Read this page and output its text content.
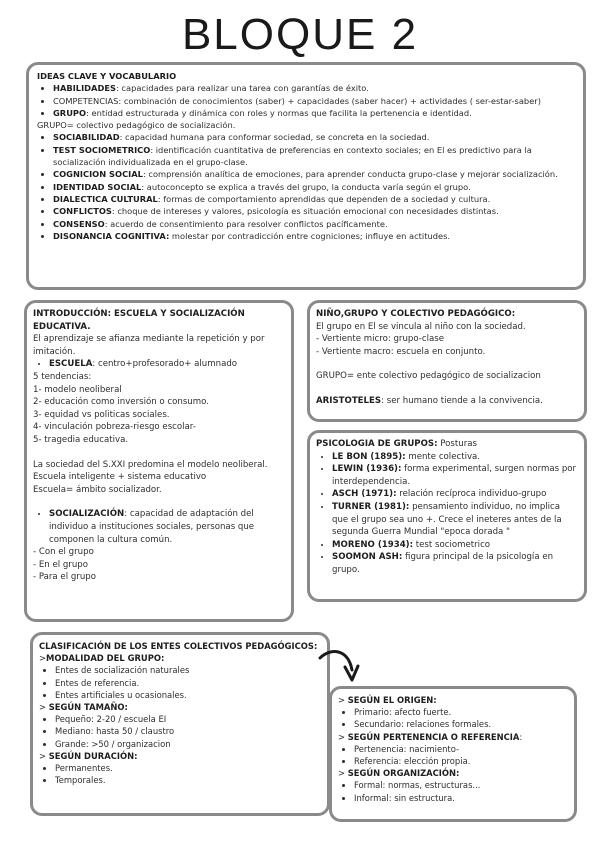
BLOQUE 2

IDEAS CLAVE Y VOCABULARIO

• HABILIDADES: capacidades para realizar una tarea con garantías de éxito.
• COMPETENCIAS: combinación de conocimientos (saber) + capacidades (saber hacer) + actividades ( ser-estar-saber)
• GRUPO: entidad estructurada y dinámica con roles y normas que facilita la pertenencia e identidad.

GRUPO= colectivo pedagógico de socialización.

• SOCIABILIDAD: capacidad humana para conformar sociedad, se concreta en la sociedad.
• TEST SOCIOMETRICO: identificación cuantitativa de preferencias en contexto sociales; en El es predictivo para la socialización individualizada en el grupo-clase.
• COGNICION SOCIAL: comprensión analítica de emociones, para aprender conducta grupo-clase y mejorar socialización.
• IDENTIDAD SOCIAL: autoconcepto se explica a través del grupo, la conducta varía según el grupo.
• DIALECTICA CULTURAL: formas de comportamiento aprendidas que dependen de a sociedad y cultura.
• CONFLICTOS: choque de intereses y valores, psicología es situación emocional con necesidades distintas.
• CONSENSO: acuerdo de consentimiento para resolver conflictos pacíficamente.
• DISONANCIA COGNITIVA: molestar por contradicción entre cogniciones; influye en actitudes.

INTRODUCCIÓN: ESCUELA Y SOCIALIZACIÓN EDUCATIVA.

El aprendizaje se afianza mediante la repetición y por imitación.

• ESCUELA: centro+profesorado+ alumnado

5 tendencias:

1- modelo neoliberal

2- educación como inversión o consumo.

3- equidad vs politicas sociales.

4- vinculación pobreza-riesgo escolar-

5- tragedia educativa.

La sociedad del S.XXI predomina el modelo neoliberal.

Escuela inteligente + sistema educativo

Escuela= ámbito socializador.

• SOCIALIZACIÓN: capacidad de adaptación del individuo a instituciones sociales, personas que componen la cultura común.

- Con el grupo

- En el grupo

- Para el grupo

NIÑO,GRUPO Y COLECTIVO PEDAGÓGICO:

El grupo en El se vincula al niño con la sociedad.

- Vertiente micro: grupo-clase

- Vertiente macro: escuela en conjunto.

GRUPO= ente colectivo pedagógico de socializacion

ARISTOTELES: ser humano tiende a la convivencia.

PSICOLOGIA DE GRUPOS: Posturas

• LE BON (1895): mente colectiva.
• LEWIN (1936): forma experimental, surgen normas por interdependencia.
• ASCH (1971): relación recíproca individuo-grupo
• TURNER (1981): pensamiento individuo, no implica que el grupo sea uno +. Crece el ineteres antes de la segunda Guerra Mundial "epoca dorada "
• MORENO (1934): test sociometrico
• SOOMON ASH: figura principal de la psicología en grupo.

CLASIFICACIÓN DE LOS ENTES COLECTIVOS PEDAGÓGICOS:

>MODALIDAD DEL GRUPO:

• Entes de socialización naturales
• Entes de referencia.
• Entes artificiales u ocasionales.

> SEGÚN TAMAÑO:

• Pequeño: 2-20 / escuela EI
• Mediano: hasta 50 / claustro
• Grande: >50 / organizacion

> SEGÚN DURACIÓN:

• Permanentes.
• Temporales.

> SEGÚN EL ORIGEN:

• Primario: afecto fuerte.
• Secundario: relaciones formales.

> SEGÚN PERTENENCIA O REFERENCIA:

• Pertenencia: nacimiento-
• Referencia: elección propia.

> SEGÚN ORGANIZACIÓN:

• Formal: normas, estructuras...
• Informal: sin estructura.
